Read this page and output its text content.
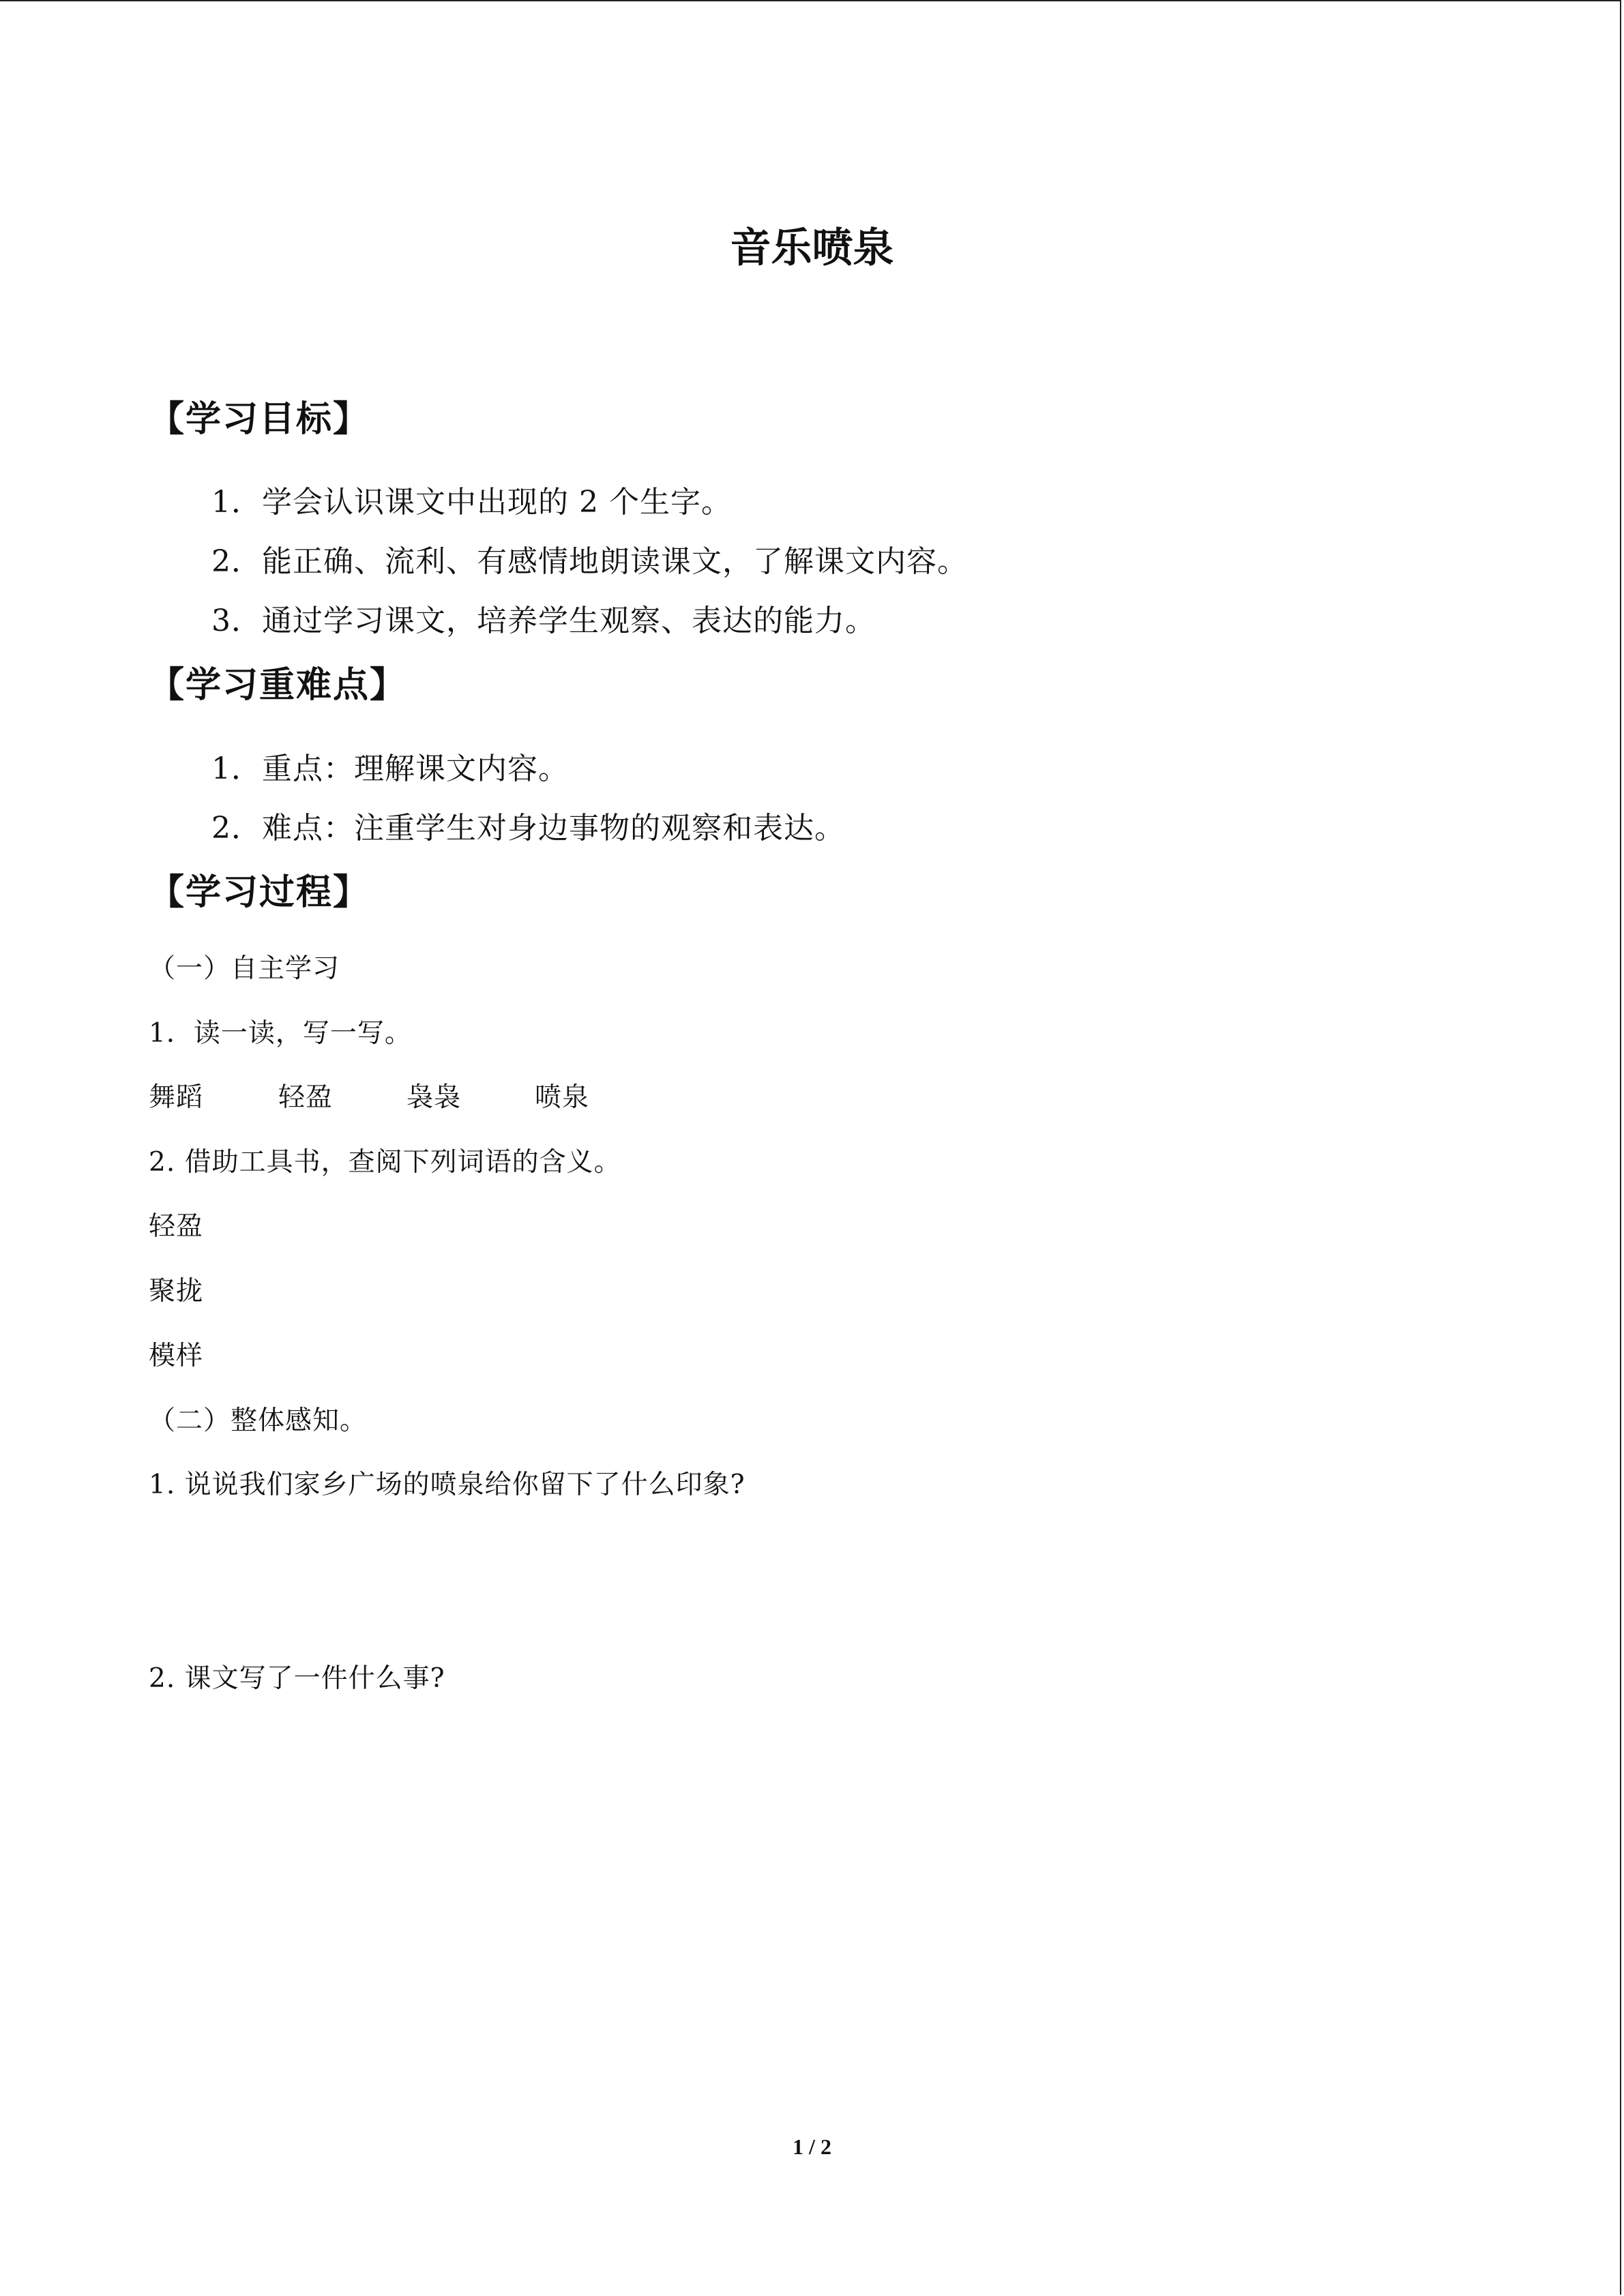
音乐喷泉
【学习目标】
1．学会认识课文中出现的 2 个生字。
2．能正确、流利、有感情地朗读课文，了解课文内容。
3．通过学习课文，培养学生观察、表达的能力。
【学习重难点】
1．重点：理解课文内容。
2．难点：注重学生对身边事物的观察和表达。
【学习过程】
（一）自主学习
1．读一读，写一写。
舞蹈	轻盈	袅袅	喷泉
2. 借助工具书，查阅下列词语的含义。
轻盈
聚拢
模样
（二）整体感知。
1. 说说我们家乡广场的喷泉给你留下了什么印象?
2. 课文写了一件什么事?
1 / 2
